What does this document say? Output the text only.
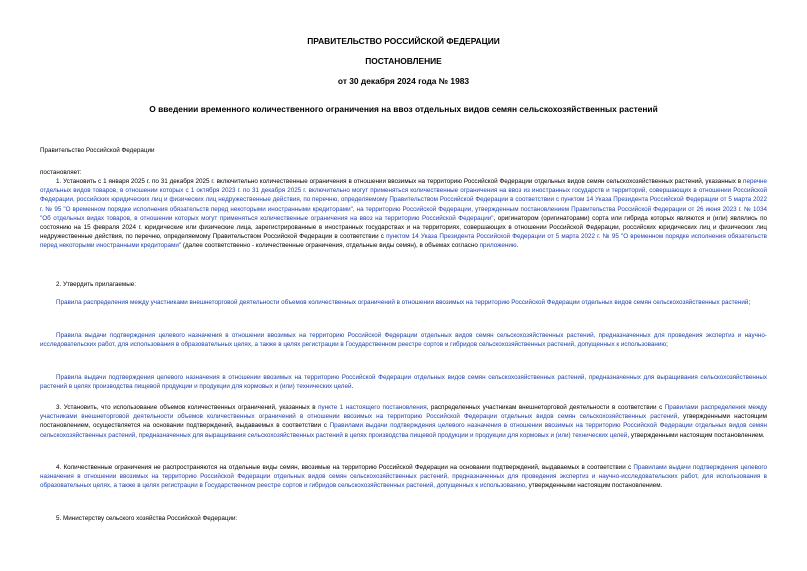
ПРАВИТЕЛЬСТВО РОССИЙСКОЙ ФЕДЕРАЦИИ
ПОСТАНОВЛЕНИЕ
от 30 декабря 2024 года № 1983
О введении временного количественного ограничения на ввоз отдельных видов семян сельскохозяйственных растений
Правительство Российской Федерации
постановляет:
1. Установить с 1 января 2025 г. по 31 декабря 2025 г. включительно количественные ограничения в отношении ввозимых на территорию Российской Федерации отдельных видов семян сельскохозяйственных растений, указанных в перечне отдельных видов товаров, в отношении которых с 1 октября 2023 г. по 31 декабря 2025 г. включительно могут применяться количественные ограничения на ввоз из иностранных государств и территорий, совершающих в отношении Российской Федерации, российских юридических лиц и физических лиц недружественные действия, по перечню, определяемому Правительством Российской Федерации в соответствии с пунктом 14 Указа Президента Российской Федерации от 5 марта 2022 г. № 95 "О временном порядке исполнения обязательств перед некоторыми иностранными кредиторами", на территорию Российской Федерации, утвержденным постановлением Правительства Российской Федерации от 26 июня 2023 г. № 1034 "Об отдельных видах товаров, в отношении которых могут применяться количественные ограничения на ввоз на территорию Российской Федерации", оригинатором (оригинаторами) сорта или гибрида которых являются и (или) являлись по состоянию на 15 февраля 2024 г. юридические или физические лица, зарегистрированные в иностранных государствах и на территориях, совершающих в отношении Российской Федерации, российских юридических лиц и физических лиц недружественные действия, по перечню, определяемому Правительством Российской Федерации в соответствии с пунктом 14 Указа Президента Российской Федерации от 5 марта 2022 г. № 95 "О временном порядке исполнения обязательств перед некоторыми иностранными кредиторами" (далее соответственно - количественные ограничения, отдельные виды семян), в объемах согласно приложению.
2. Утвердить прилагаемые:
Правила распределения между участниками внешнеторговой деятельности объемов количественных ограничений в отношении ввозимых на территорию Российской Федерации отдельных видов семян сельскохозяйственных растений;
Правила выдачи подтверждения целевого назначения в отношении ввозимых на территорию Российской Федерации отдельных видов семян сельскохозяйственных растений, предназначенных для проведения экспертиз и научно-исследовательских работ, для использования в образовательных целях, а также в целях регистрации в Государственном реестре сортов и гибридов сельскохозяйственных растений, допущенных к использованию;
Правила выдачи подтверждения целевого назначения в отношении ввозимых на территорию Российской Федерации отдельных видов семян сельскохозяйственных растений, предназначенных для выращивания сельскохозяйственных растений в целях производства пищевой продукции и продукции для кормовых и (или) технических целей.
3. Установить, что использование объемов количественных ограничений, указанных в пункте 1 настоящего постановления, распределенных участникам внешнеторговой деятельности в соответствии с Правилами распределения между участниками внешнеторговой деятельности объемов количественных ограничений в отношении ввозимых на территорию Российской Федерации отдельных видов семян сельскохозяйственных растений, утвержденными настоящим постановлением, осуществляется на основании подтверждений, выдаваемых в соответствии с Правилами выдачи подтверждения целевого назначения в отношении ввозимых на территорию Российской Федерации отдельных видов семян сельскохозяйственных растений, предназначенных для выращивания сельскохозяйственных растений в целях производства пищевой продукции и продукции для кормовых и (или) технических целей, утвержденными настоящим постановлением.
4. Количественные ограничения не распространяются на отдельные виды семян, ввозимые на территорию Российской Федерации на основании подтверждений, выдаваемых в соответствии с Правилами выдачи подтверждения целевого назначения в отношении ввозимых на территорию Российской Федерации отдельных видов семян сельскохозяйственных растений, предназначенных для проведения экспертиз и научно-исследовательских работ, для использования в образовательных целях, а также в целях регистрации в Государственном реестре сортов и гибридов сельскохозяйственных растений, допущенных к использованию, утвержденными настоящим постановлением.
5. Министерству сельского хозяйства Российской Федерации:
